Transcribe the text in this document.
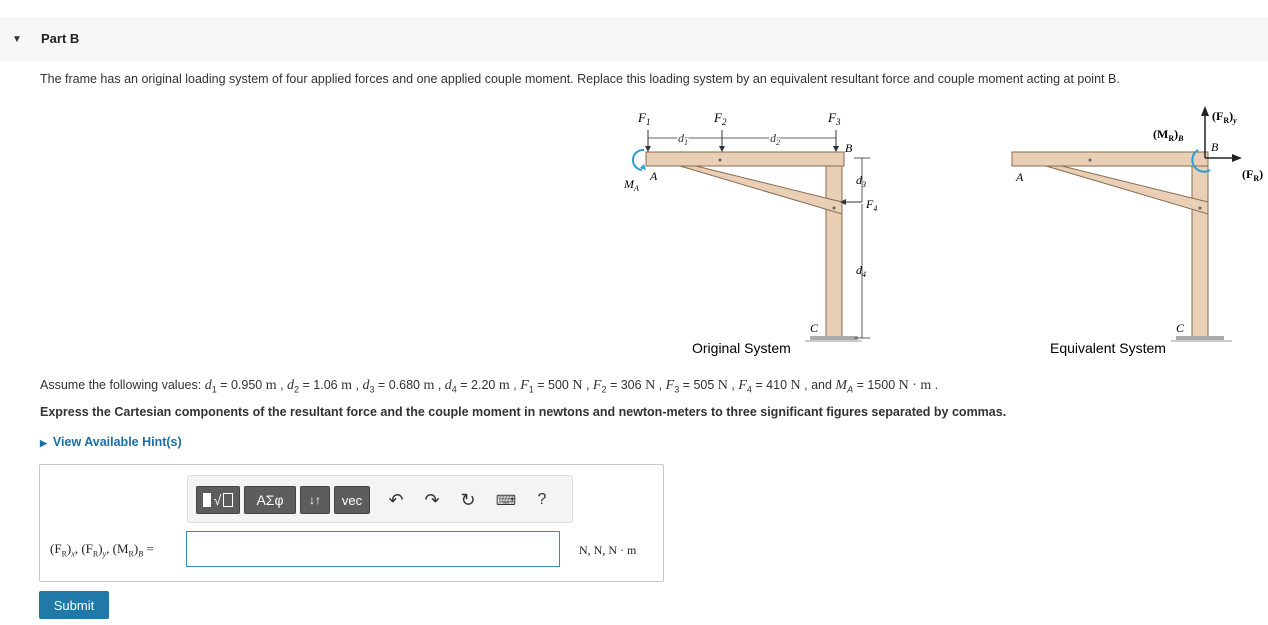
▼ Part B
The frame has an original loading system of four applied forces and one applied couple moment. Replace this loading system by an equivalent resultant force and couple moment acting at point B.
$F_1$	$F_2$	$F_3$
$d_1$	$d_2$	B
$d_3$
$F_4$
$d_4$
A
$M_A$
C
Original System
A
B
$(M_R)_B$
$(F_R)_y$
$(F_R)$
C
Equivalent System
Assume the following values: $d_1 = 0.950$ m , $d_2 = 1.06$ m , $d_3 = 0.680$ m , $d_4 = 2.20$ m , $F_1 = 500$ N , $F_2 = 306$ N , $F_3 = 505$ N , $F_4 = 410$ N , and $M_A = 1500$ N · m .
Express the Cartesian components of the resultant force and the couple moment in newtons and newton-meters to three significant figures separated by commas.
▶ View Available Hint(s)
√	ΑΣφ	↓↑	vec	↶ ↷ ↻	⌨	?
$(F_R)_x$, $(F_R)_y$, $(M_R)_B$ =	N, N, N · m
Submit
